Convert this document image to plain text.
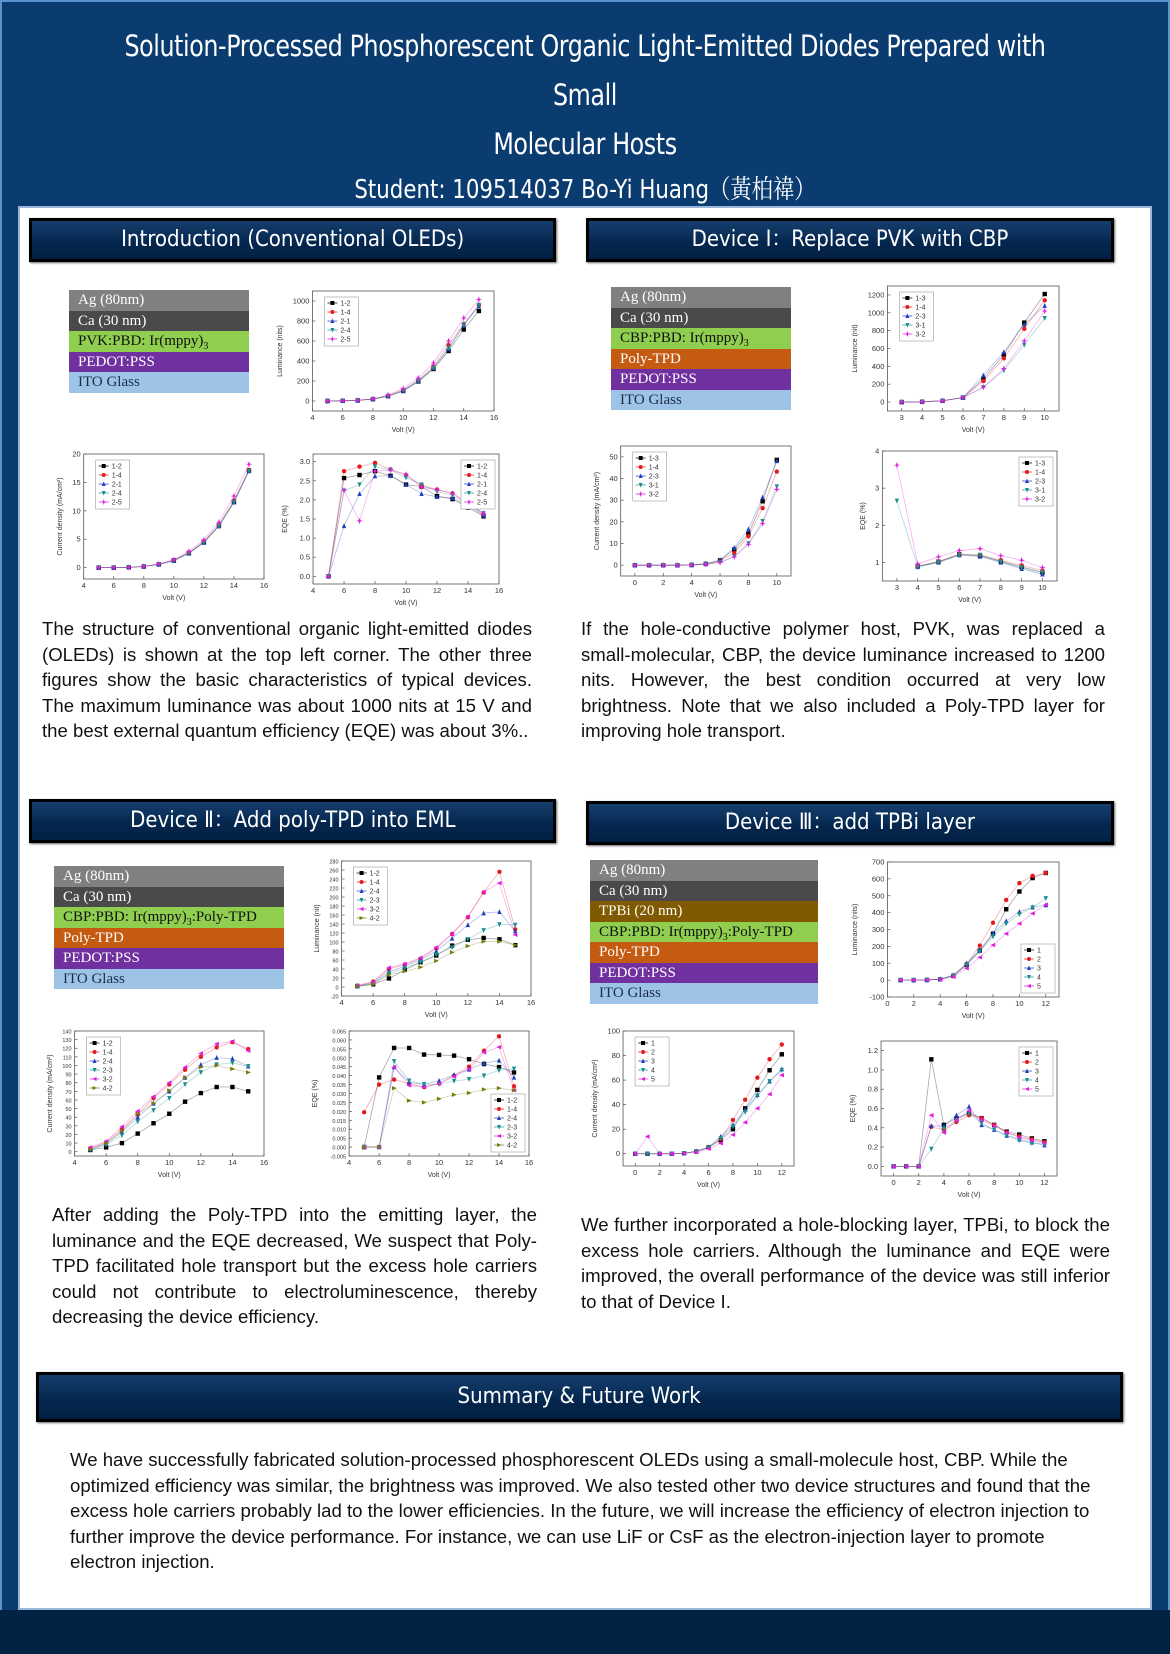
Solution-Processed Phosphorescent Organic Light-Emitted Diodes Prepared with Small
Molecular Hosts
Student: 109514037 Bo-Yi Huang（黃柏禕）
Introduction (Conventional OLEDs)	Device Ⅰ：Replace PVK with CBP
Device Ⅱ：Add poly-TPD into EML	Device Ⅲ：add TPBi layer
Summary & Future Work
Ag (80nm)
Ca (30 nm)
PVK:PBD: $Ir(mppy)_3$
PEDOT:PSS
ITO Glass
Ag (80nm)
Ca (30 nm)
CBP:PBD: $Ir(mppy)_3$
Poly-TPD
PEDOT:PSS
ITO Glass
Ag (80nm)
Ca (30 nm)
CBP:PBD: $Ir(mppy)_3:Poly$-TPD
Poly-TPD
PEDOT:PSS
ITO Glass
Ag (80nm)
Ca (30 nm)
TPBi (20 nm)
CBP:PBD: $Ir(mppy)_3:Poly$-TPD
Poly-TPD
PEDOT:PSS
ITO Glass
4	6	8	10	12	14	16
0
200
400
600
800
1000
Volt (V)
Luminance (nits)
1-2
1-4
2-1
2-4
2-5
4	6	8	10	12	14	16
0
5
10
15
20
Volt (V)
Current density (mA/cm²)
1-2
1-4
2-1
2-4
2-5
4	6	8	10	12	14	16
0.0
0.5
1.0
1.5
2.0
2.5
3.0
Volt (V)
EQE (%)
1-2
1-4
2-1
2-4
2-5
3 4 5 6 7 8 9 10
0
200
400
600
800
1000
1200
Volt (V)
Luminance (nit)
1-3
1-4
2-3
3-1
3-2
0	2	4	6	8	10
0
10
20
30
40
50
Volt (V)
Current density (mA/cm²)
1-3
1-4
2-3
3-1
3-2
3 4 5 6 7 8 9 10
1
2
3
4
Volt (V)
EQE (%)
1-3
1-4
2-3
3-1
3-2
4	6	8	10	12	14	16
-20
0
20
40
60
80
100
120
140
160
180
200
220
240
260
280
Volt (V)
Luminance (nit)
1-2
1-4
2-4
2-3
3-2
4-2
4	6	8	10	12	14	16
0
10
20
30
40
50
60
70
80
90
100
110
120
130
140
Volt (V)
Current density (mA/cm²)
1-2
1-4
2-4
2-3
3-2
4-2
4	6	8	10	12	14	16
-0.005
0.000
0.005
0.010
0.015
0.020
0.025
0.030
0.035
0.040
0.045
0.050
0.055
0.060
0.065
Volt (V)
EQE (%)	1-2
1-4
2-4
2-3
3-2
4-2
0	2	4	6	8	10 12
-100
0
100
200
300
400
500
600
700
Volt (V)
Luminance (nits)	1
2
3
4
5
0	2	4	6	8 10 12
0
20
40
60
80
100
Volt (V)
Current density (mA/cm²)
1
2
3
4
5
0	2	4	6	8	10 12
0.0
0.2
0.4
0.6
0.8
1.0
1.2
Volt (V)
EQE (%)
1
2
3
4
5
The structure of conventional organic light-emitted diodes (OLEDs) is shown at the top left corner. The other three figures show the basic characteristics of typical devices. The maximum luminance was about 1000 nits at 15 V and the best external quantum efficiency (EQE) was about 3%..
If the hole-conductive polymer host, PVK, was replaced a small-molecular, CBP, the device luminance increased to 1200 nits. However, the best condition occurred at very low brightness. Note that we also included a Poly-TPD layer for improving hole transport.
After adding the Poly-TPD into the emitting layer, the luminance and the EQE decreased, We suspect that Poly-TPD facilitated hole transport but the excess hole carriers could not contribute to electroluminescence, thereby decreasing the device efficiency.
We further incorporated a hole-blocking layer, TPBi, to block the excess hole carriers. Although the luminance and EQE were improved, the overall performance of the device was still inferior to that of Device I.
We have successfully fabricated solution-processed phosphorescent OLEDs using a small-molecule host, CBP. While the optimized efficiency was similar, the brightness was improved. We also tested other two device structures and found that the excess hole carriers probably lad to the lower efficiencies. In the future, we will increase the efficiency of electron injection to further improve the device performance. For instance, we can use LiF or CsF as the electron-injection layer to promote electron injection.
